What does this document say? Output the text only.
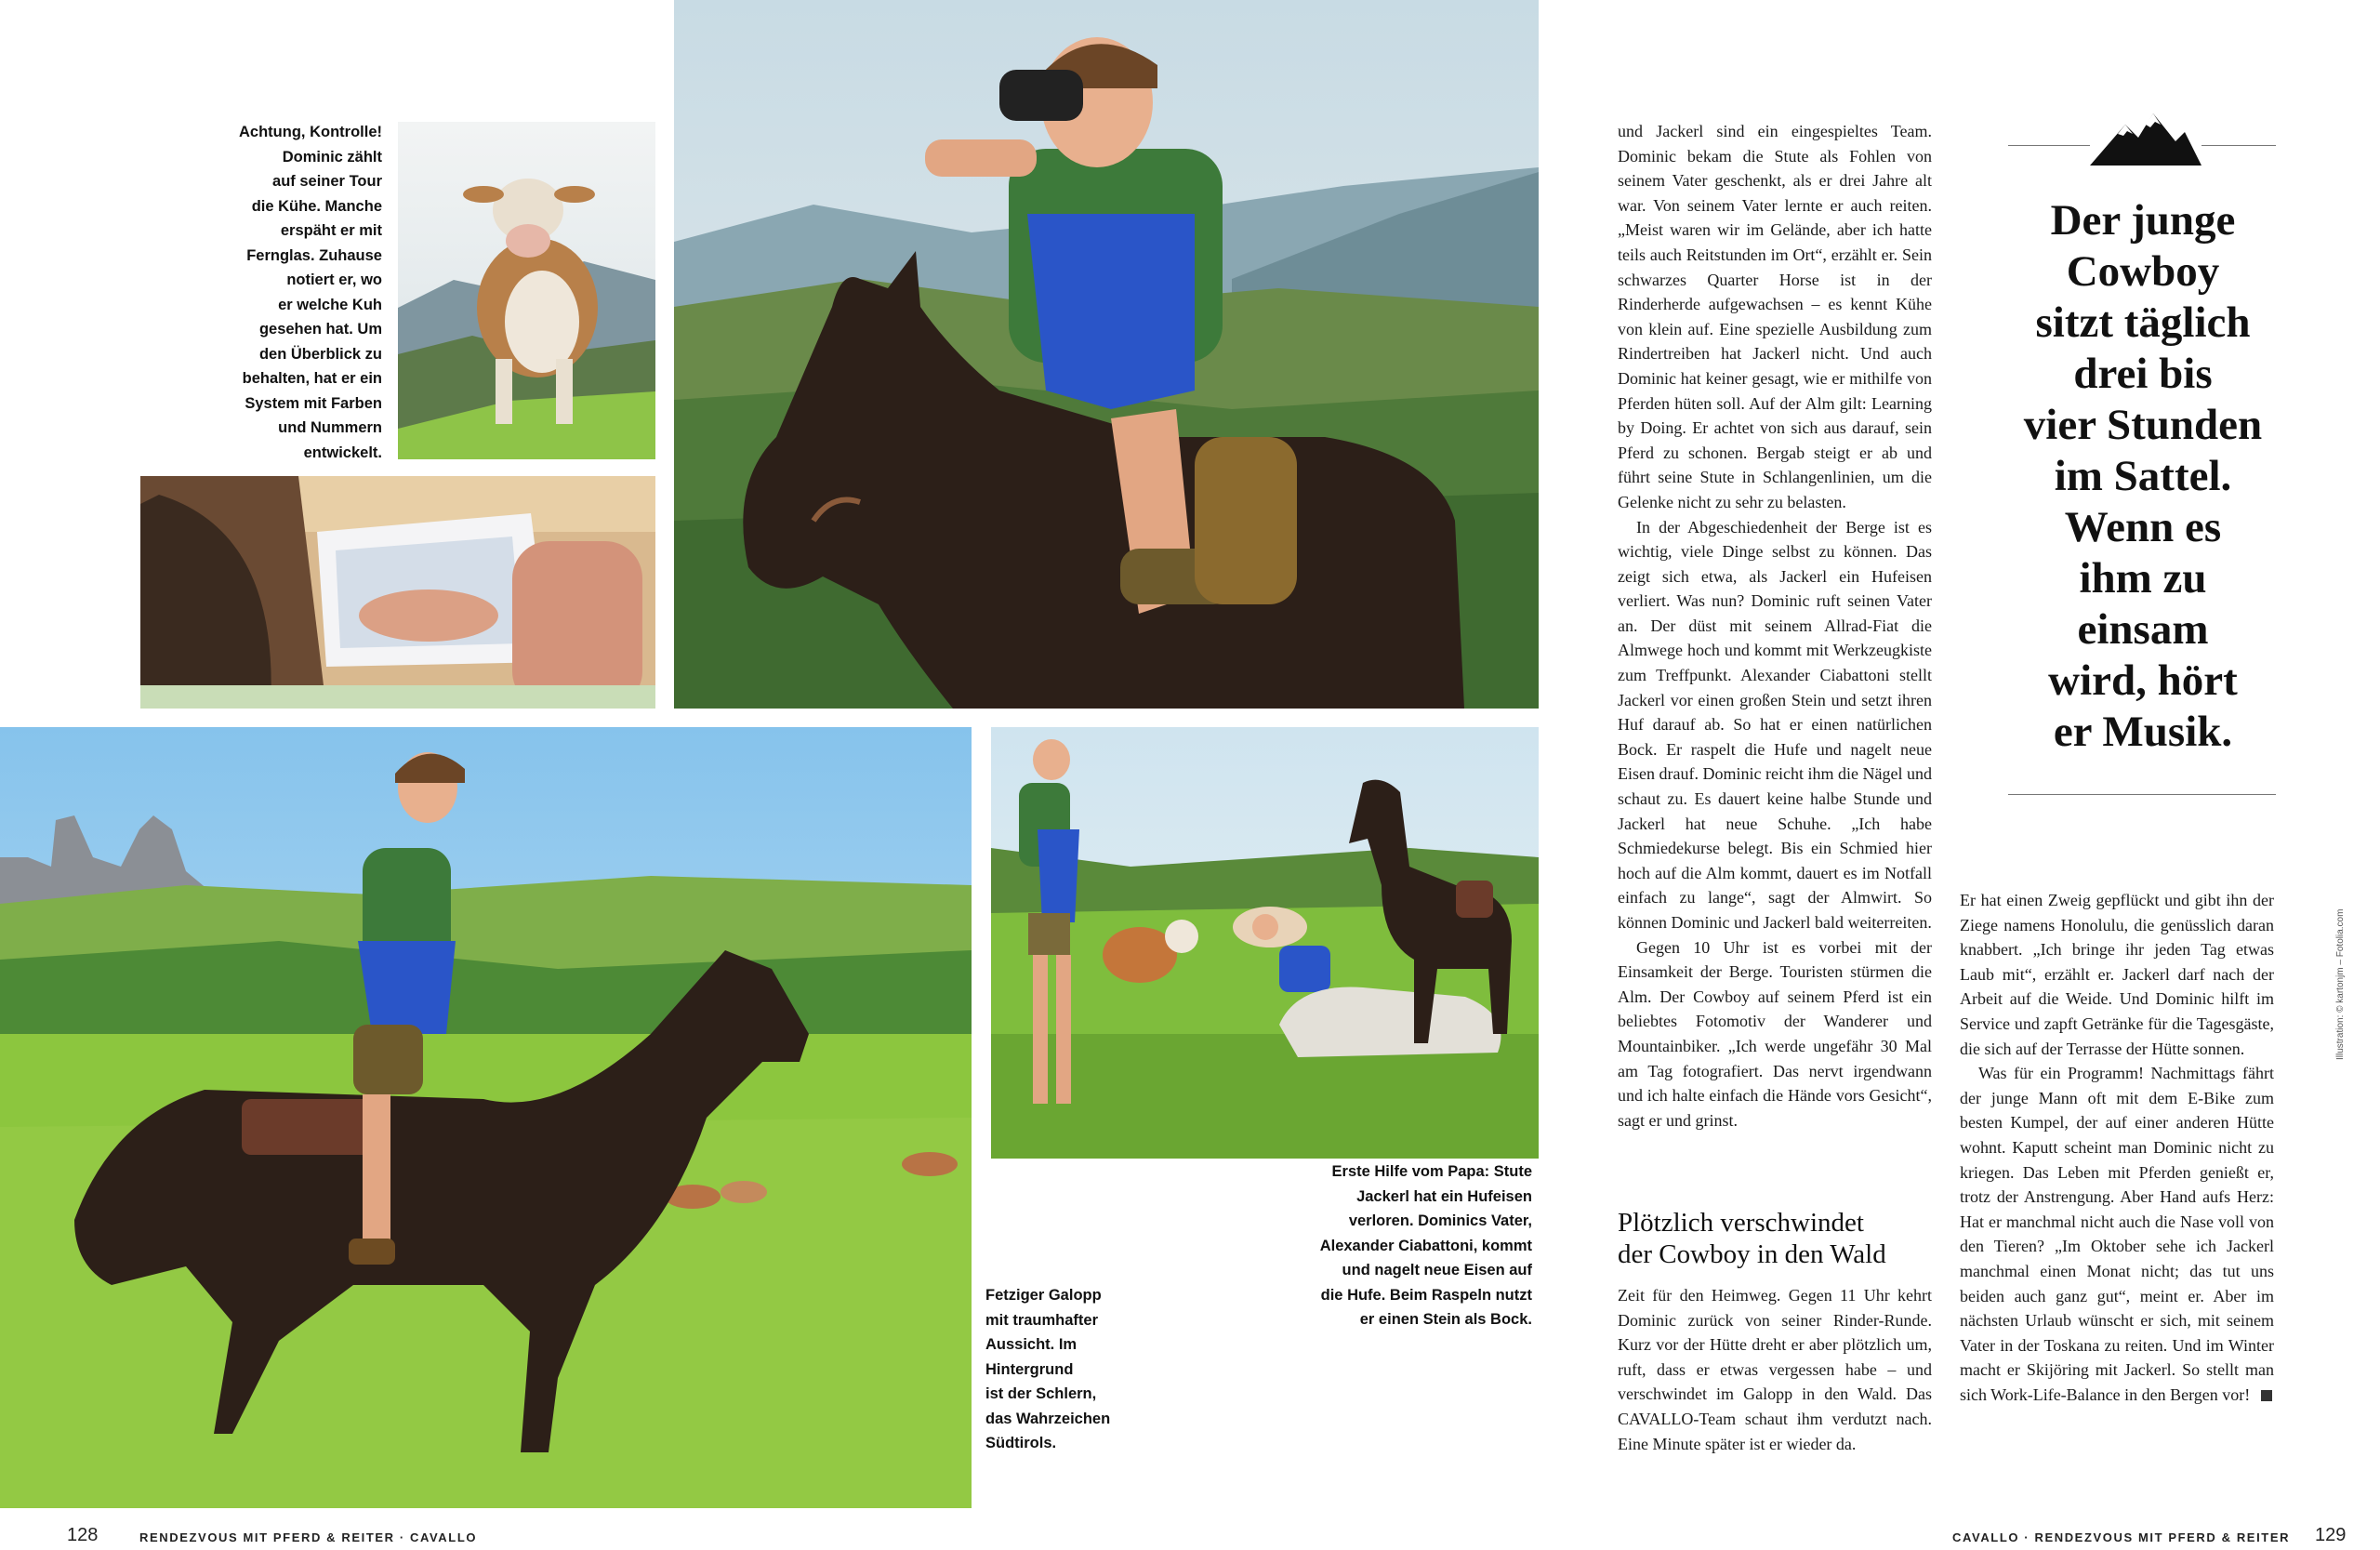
Achtung, Kontrolle!

Dominic zählt

auf seiner Tour

die Kühe. Manche

erspäht er mit

Fernglas. Zuhause

notiert er, wo

er welche Kuh

gesehen hat. Um

den Überblick zu

behalten, hat er ein

System mit Farben

und Nummern

entwickelt.

Fetziger Galopp

mit traumhafter

Aussicht. Im

Hintergrund

ist der Schlern,

das Wahrzeichen

Südtirols.

Erste Hilfe vom Papa: Stute

Jackerl hat ein Hufeisen

verloren. Dominics Vater,

Alexander Ciabattoni, kommt

und nagelt neue Eisen auf

die Hufe. Beim Raspeln nutzt

er einen Stein als Bock.

und Jackerl sind ein eingespieltes Team. Dominic bekam die Stute als Fohlen von seinem Vater geschenkt, als er drei Jahre alt war. Von seinem Vater lernte er auch reiten. „Meist waren wir im Gelände, aber ich hatte teils auch Reitstunden im Ort“, erzählt er. Sein schwarzes Quarter Horse ist in der Rinderherde aufgewachsen – es kennt Kühe von klein auf. Eine spezielle Ausbildung zum Rindertreiben hat Jackerl nicht. Und auch Dominic hat keiner gesagt, wie er mithilfe von Pferden hüten soll. Auf der Alm gilt: Learning by Doing. Er achtet von sich aus darauf, sein Pferd zu schonen. Bergab steigt er ab und führt seine Stute in Schlangenlinien, um die Gelenke nicht zu sehr zu belasten.

In der Abgeschiedenheit der Berge ist es wichtig, viele Dinge selbst zu können. Das zeigt sich etwa, als Jackerl ein Hufeisen verliert. Was nun? Dominic ruft seinen Vater an. Der düst mit seinem Allrad-Fiat die Almwege hoch und kommt mit Werkzeugkiste zum Treffpunkt. Alexander Ciabattoni stellt Jackerl vor einen großen Stein und setzt ihren Huf darauf ab. So hat er einen natürlichen Bock. Er raspelt die Hufe und nagelt neue Eisen drauf. Dominic reicht ihm die Nägel und schaut zu. Es dauert keine halbe Stunde und Jackerl hat neue Schuhe. „Ich habe Schmiedekurse belegt. Bis ein Schmied hier hoch auf die Alm kommt, dauert es im Notfall einfach zu lange“, sagt der Almwirt. So können Dominic und Jackerl bald weiterreiten.

Gegen 10 Uhr ist es vorbei mit der Einsamkeit der Berge. Touristen stürmen die Alm. Der Cowboy auf seinem Pferd ist ein beliebtes Fotomotiv der Wanderer und Mountainbiker. „Ich werde ungefähr 30 Mal am Tag fotografiert. Das nervt irgendwann und ich halte einfach die Hände vors Gesicht“, sagt er und grinst.

Plötzlich verschwindet
der Cowboy in den Wald

Zeit für den Heimweg. Gegen 11 Uhr kehrt Dominic zurück von seiner Rinder-Runde. Kurz vor der Hütte dreht er aber plötzlich um, ruft, dass er etwas vergessen habe – und verschwindet im Galopp in den Wald. Das CAVALLO-Team schaut ihm verdutzt nach. Eine Minute später ist er wieder da.

Der junge
Cowboy
sitzt täglich
drei bis
vier Stunden
im Sattel.
Wenn es
ihm zu
einsam
wird, hört
er Musik.

Er hat einen Zweig gepflückt und gibt ihn der Ziege namens Honolulu, die genüsslich daran knabbert. „Ich bringe ihr jeden Tag etwas Laub mit“, erzählt er. Jackerl darf nach der Arbeit auf die Weide. Und Dominic hilft im Service und zapft Getränke für die Tagesgäste, die sich auf der Terrasse der Hütte sonnen.

Was für ein Programm! Nachmittags fährt der junge Mann oft mit dem E-Bike zum besten Kumpel, der auf einer anderen Hütte wohnt. Kaputt scheint man Dominic nicht zu kriegen. Das Leben mit Pferden genießt er, trotz der Anstrengung. Aber Hand aufs Herz: Hat er manchmal nicht auch die Nase voll von den Tieren? „Im Oktober sehe ich Jackerl manchmal einen Monat nicht; das tut uns beiden auch ganz gut“, meint er. Aber im nächsten Urlaub wünscht er sich, mit seinem Vater in der Toskana zu reiten. Und im Winter macht er Skijöring mit Jackerl. So stellt man sich Work-Life-Balance in den Bergen vor!

Illustration: © kartonjm – Fotolia.com
128	RENDEZVOUS MIT PFERD & REITER · CAVALLO	CAVALLO · RENDEZVOUS MIT PFERD & REITER 129
